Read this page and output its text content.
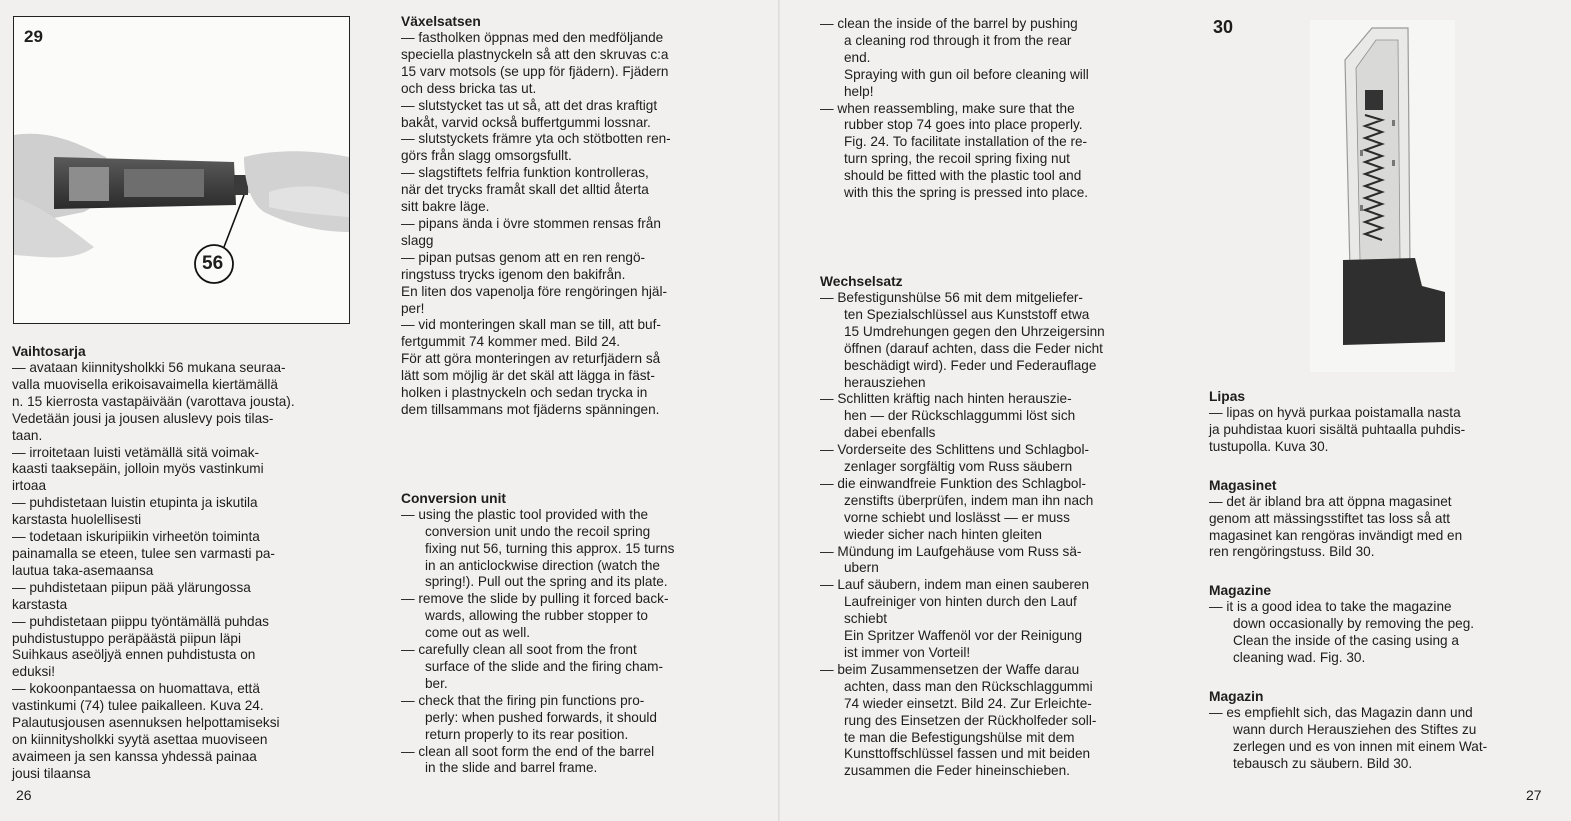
29
56
Vaihtosarja

— avataan kiinnitysholkki 56 mukana seuraa-
valla muovisella erikoisavaimella kiertämällä
n. 15 kierrosta vastapäivään (varottava jousta).
Vedetään jousi ja jousen aluslevy pois tilas-
taan.
— irroitetaan luisti vetämällä sitä voimak-
kaasti taaksepäin, jolloin myös vastinkumi
irtoaa
— puhdistetaan luistin etupinta ja iskutila
karstasta huolellisesti
— todetaan iskuripiikin virheetön toiminta
painamalla se eteen, tulee sen varmasti pa-
lautua taka-asemaansa
— puhdistetaan piipun pää ylärungossa
karstasta
— puhdistetaan piippu työntämällä puhdas
puhdistustuppo peräpäästä piipun läpi
Suihkaus aseöljyä ennen puhdistusta on
eduksi!
— kokoonpantaessa on huomattava, että
vastinkumi (74) tulee paikalleen. Kuva 24.
Palautusjousen asennuksen helpottamiseksi
on kiinnitysholkki syytä asettaa muoviseen
avaimeen ja sen kanssa yhdessä painaa
jousi tilaansa

Växelsatsen

— fastholken öppnas med den medföljande
speciella plastnyckeln så att den skruvas c:a
15 varv motsols (se upp för fjädern). Fjädern
och dess bricka tas ut.
— slutstycket tas ut så, att det dras kraftigt
bakåt, varvid också buffertgummi lossnar.
— slutstyckets främre yta och stötbotten ren-
görs från slagg omsorgsfullt.
— slagstiftets felfria funktion kontrolleras,
när det trycks framåt skall det alltid återta
sitt bakre läge.
— pipans ända i övre stommen rensas från
slagg
— pipan putsas genom att en ren rengö-
ringstuss trycks igenom den bakifrån.
En liten dos vapenolja före rengöringen hjäl-
per!
— vid monteringen skall man se till, att buf-
fertgummit 74 kommer med. Bild 24.
För att göra monteringen av returfjädern så
lätt som möjlig är det skäl att lägga in fäst-
holken i plastnyckeln och sedan trycka in
dem tillsammans mot fjäderns spänningen.

Conversion unit

— using the plastic tool provided with the
conversion unit undo the recoil spring
fixing nut 56, turning this approx. 15 turns
in an anticlockwise direction (watch the
spring!). Pull out the spring and its plate.

— remove the slide by pulling it forced back-
wards, allowing the rubber stopper to
come out as well.

— carefully clean all soot from the front
surface of the slide and the firing cham-
ber.

— check that the firing pin functions pro-
perly: when pushed forwards, it should
return properly to its rear position.

— clean all soot form the end of the barrel
in the slide and barrel frame.

— clean the inside of the barrel by pushing
a cleaning rod through it from the rear
end.
Spraying with gun oil before cleaning will
help!

— when reassembling, make sure that the
rubber stop 74 goes into place properly.
Fig. 24. To facilitate installation of the re-
turn spring, the recoil spring fixing nut
should be fitted with the plastic tool and
with this the spring is pressed into place.

Wechselsatz

— Befestigunshülse 56 mit dem mitgeliefer-
ten Spezialschlüssel aus Kunststoff etwa
15 Umdrehungen gegen den Uhrzeigersinn
öffnen (darauf achten, dass die Feder nicht
beschädigt wird). Feder und Federauflage
herausziehen

— Schlitten kräftig nach hinten herauszie-
hen — der Rückschlaggummi löst sich
dabei ebenfalls

— Vorderseite des Schlittens und Schlagbol-
zenlager sorgfältig vom Russ säubern

— die einwandfreie Funktion des Schlagbol-
zenstifts überprüfen, indem man ihn nach
vorne schiebt und loslässt — er muss
wieder sicher nach hinten gleiten

— Mündung im Laufgehäuse vom Russ sä-
ubern

— Lauf säubern, indem man einen sauberen
Laufreiniger von hinten durch den Lauf
schiebt
Ein Spritzer Waffenöl vor der Reinigung
ist immer von Vorteil!

— beim Zusammensetzen der Waffe darau
achten, dass man den Rückschlaggummi
74 wieder einsetzt. Bild 24. Zur Erleichte-
rung des Einsetzen der Rückholfeder soll-
te man die Befestigungshülse mit dem
Kunsttoffschlüssel fassen und mit beiden
zusammen die Feder hineinschieben.

30
Lipas

— lipas on hyvä purkaa poistamalla nasta
ja puhdistaa kuori sisältä puhtaalla puhdis-
tustupolla. Kuva 30.

Magasinet

— det är ibland bra att öppna magasinet
genom att mässingsstiftet tas loss så att
magasinet kan rengöras invändigt med en
ren rengöringstuss. Bild 30.

Magazine

— it is a good idea to take the magazine
down occasionally by removing the peg.
Clean the inside of the casing using a
cleaning wad. Fig. 30.

Magazin

— es empfiehlt sich, das Magazin dann und
wann durch Herausziehen des Stiftes zu
zerlegen und es von innen mit einem Wat-
tebausch zu säubern. Bild 30.

26	27
